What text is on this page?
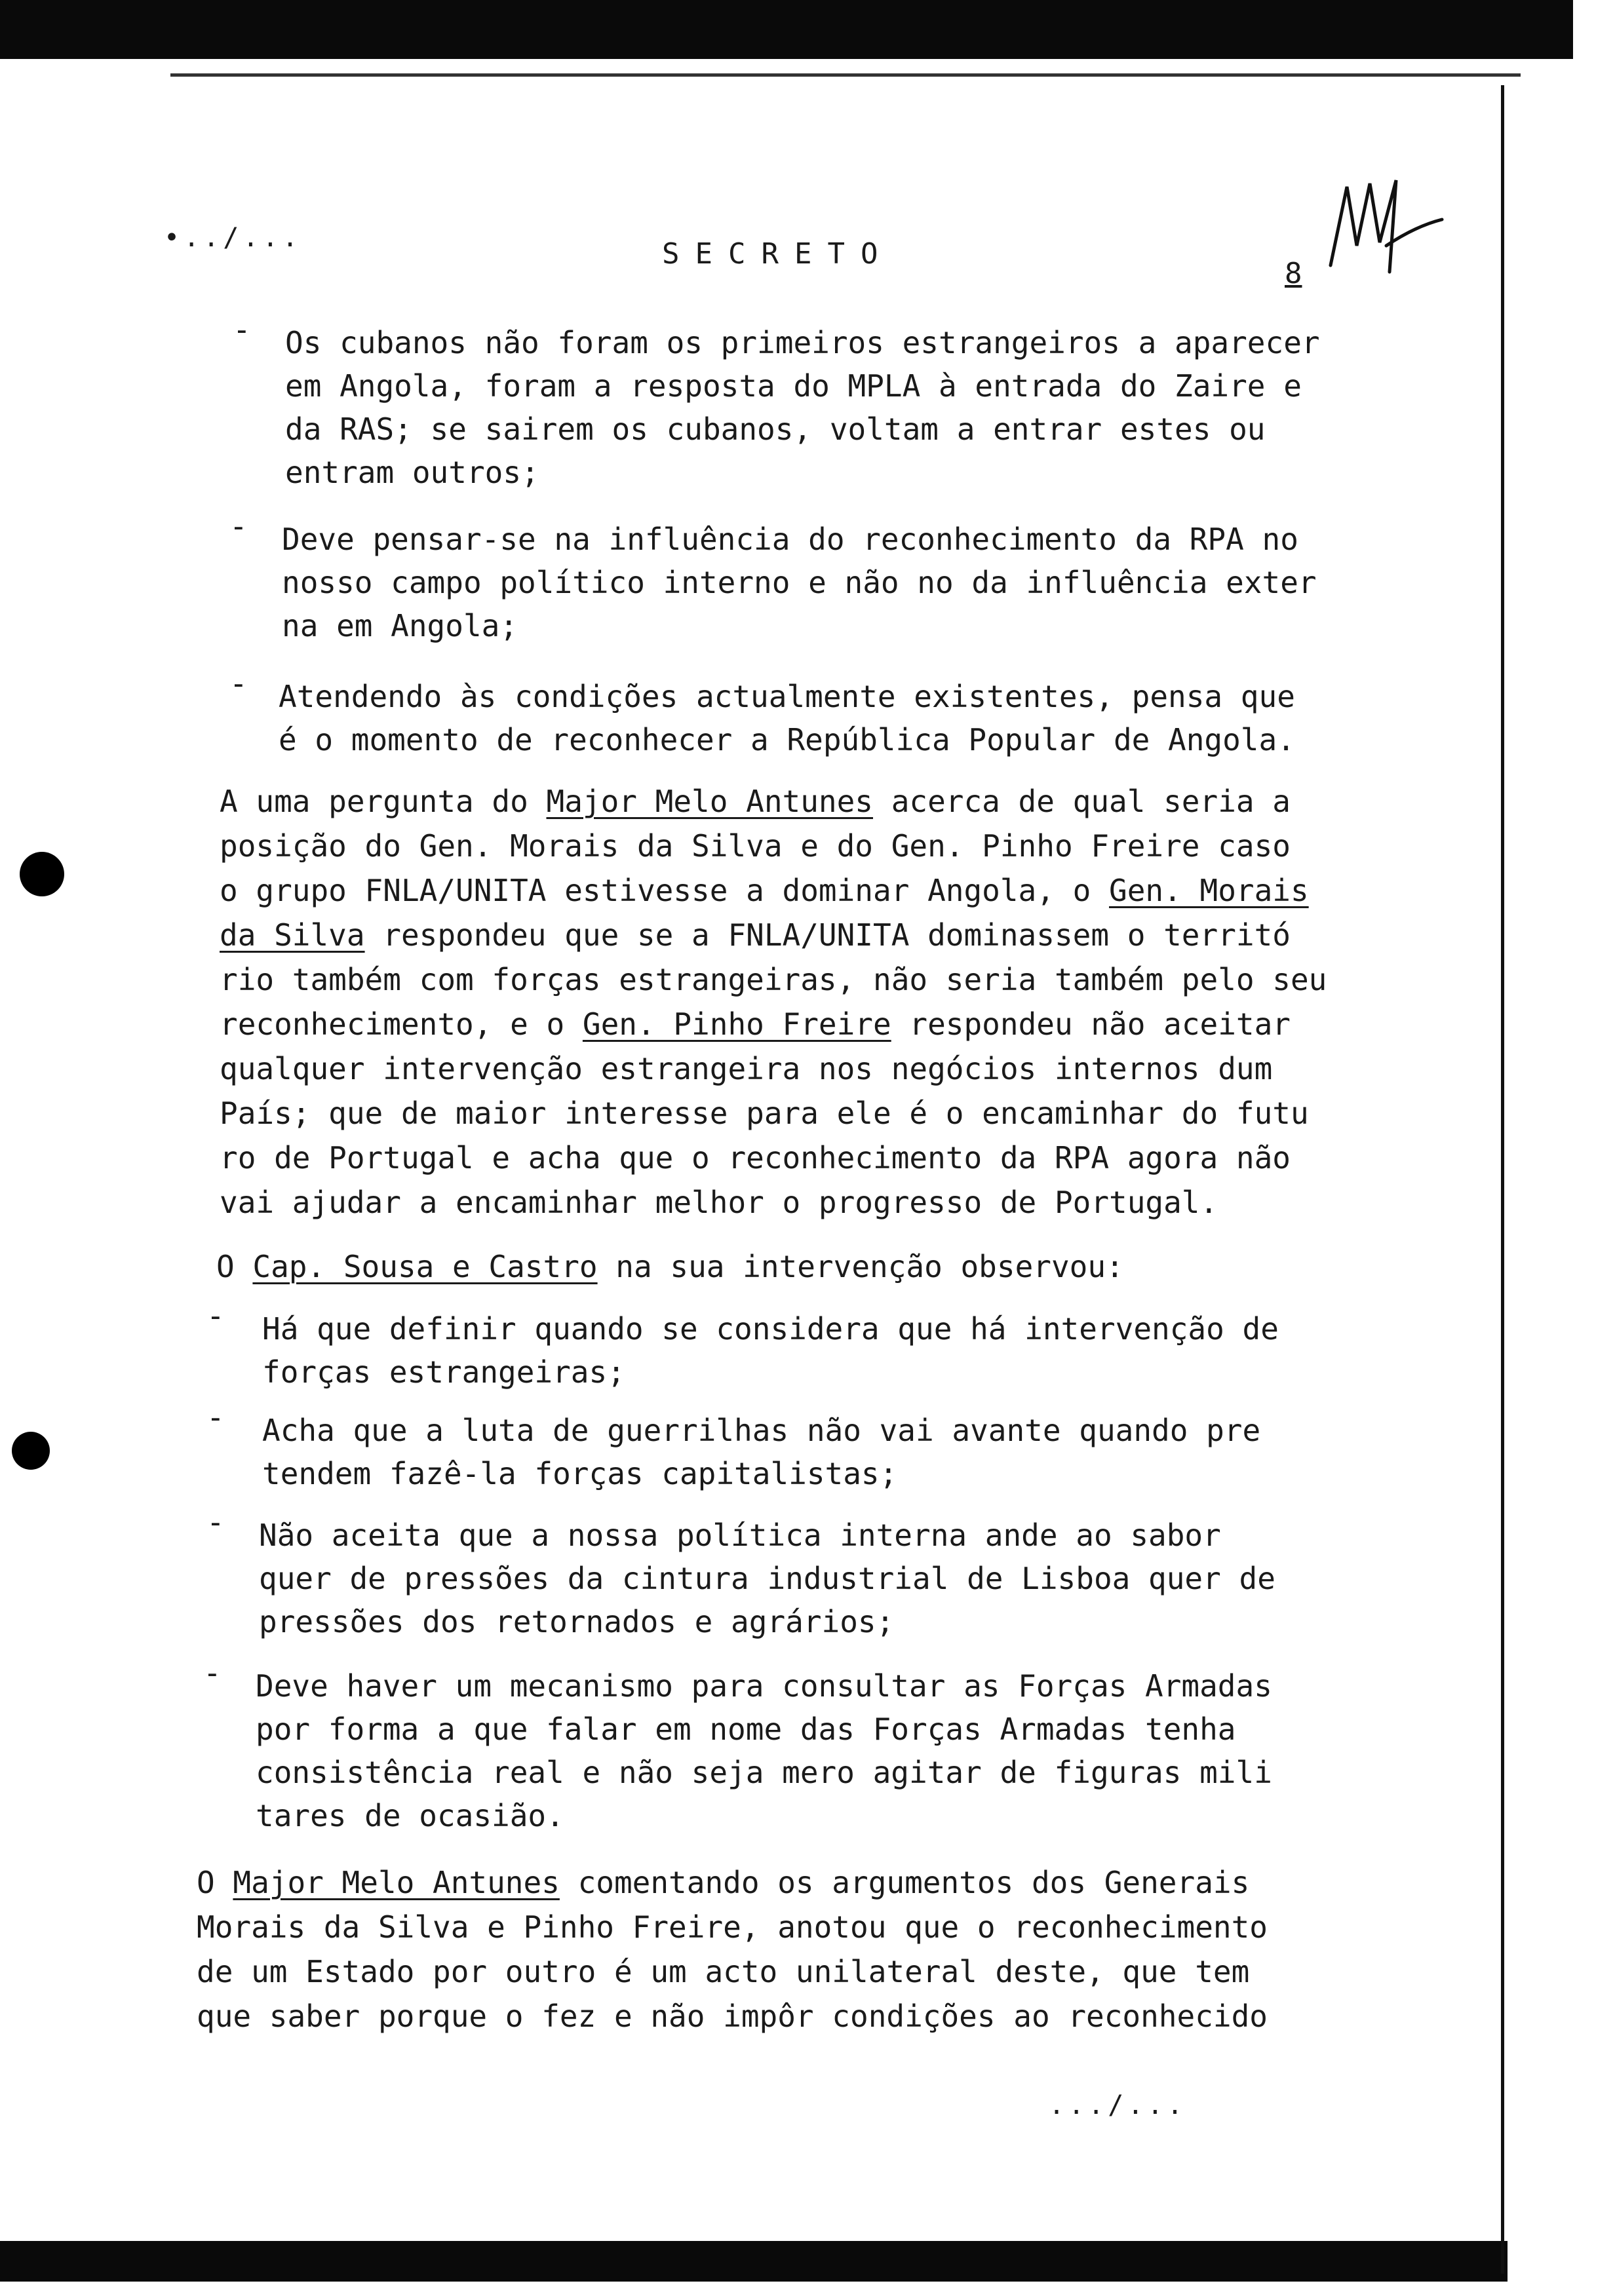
•../...	SECRETO
8
- Os cubanos não foram os primeiros estrangeiros a aparecer
em Angola, foram a resposta do MPLA à entrada do Zaire e
da RAS; se sairem os cubanos, voltam a entrar estes ou
entram outros;
- Deve pensar-se na influência do reconhecimento da RPA no
nosso campo político interno e não no da influência exter
na em Angola;
- Atendendo às condições actualmente existentes, pensa que
é o momento de reconhecer a República Popular de Angola.
A uma pergunta do Major Melo Antunes acerca de qual seria a
posição do Gen. Morais da Silva e do Gen. Pinho Freire caso
o grupo FNLA/UNITA estivesse a dominar Angola, o Gen. Morais
da Silva respondeu que se a FNLA/UNITA dominassem o territó
rio também com forças estrangeiras, não seria também pelo seu
reconhecimento, e o Gen. Pinho Freire respondeu não aceitar
qualquer intervenção estrangeira nos negócios internos dum
País; que de maior interesse para ele é o encaminhar do futu
ro de Portugal e acha que o reconhecimento da RPA agora não
vai ajudar a encaminhar melhor o progresso de Portugal.
O Cap. Sousa e Castro na sua intervenção observou:
- Há que definir quando se considera que há intervenção de
forças estrangeiras;
- Acha que a luta de guerrilhas não vai avante quando pre
tendem fazê-la forças capitalistas;
- Não aceita que a nossa política interna ande ao sabor
quer de pressões da cintura industrial de Lisboa quer de
pressões dos retornados e agrários;
- Deve haver um mecanismo para consultar as Forças Armadas
por forma a que falar em nome das Forças Armadas tenha
consistência real e não seja mero agitar de figuras mili
tares de ocasião.
O Major Melo Antunes comentando os argumentos dos Generais
Morais da Silva e Pinho Freire, anotou que o reconhecimento
de um Estado por outro é um acto unilateral deste, que tem
que saber porque o fez e não impôr condições ao reconhecido
.../...
